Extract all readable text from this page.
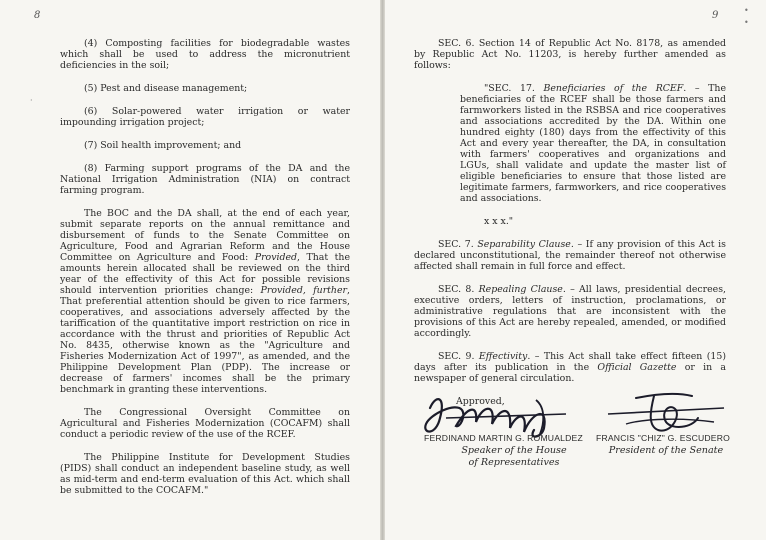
8	9	•
•
·

(4) Composting facilities for biodegradable wastes which shall be used to address the micronutrient deficiencies in the soil;

(5) Pest and disease management;

(6) Solar-powered water irrigation or water impounding irrigation project;

(7) Soil health improvement; and

(8) Farming support programs of the DA and the National Irrigation Administration (NIA) on contract farming program.

The BOC and the DA shall, at the end of each year, submit separate reports on the annual remittance and disbursement of funds to the Senate Committee on Agriculture, Food and Agrarian Reform and the House Committee on Agriculture and Food: Provided, That the amounts herein allocated shall be reviewed on the third year of the effectivity of this Act for possible revisions should intervention priorities change: Provided, further, That preferential attention should be given to rice farmers, cooperatives, and associations adversely affected by the tariffication of the quantitative import restriction on rice in accordance with the thrust and priorities of Republic Act No. 8435, otherwise known as the "Agriculture and Fisheries Modernization Act of 1997", as amended, and the Philippine Development Plan (PDP). The increase or decrease of farmers' incomes shall be the primary benchmark in granting these interventions.

The Congressional Oversight Committee on Agricultural and Fisheries Modernization (COCAFM) shall conduct a periodic review of the use of the RCEF.

The Philippine Institute for Development Studies (PIDS) shall conduct an independent baseline study, as well as mid-term and end-term evaluation of this Act. which shall be submitted to the COCAFM."

SEC. 6. Section 14 of Republic Act No. 8178, as amended by Republic Act No. 11203, is hereby further amended as follows:

"SEC. 17. Beneficiaries of the RCEF. – The beneficiaries of the RCEF shall be those farmers and farmworkers listed in the RSBSA and rice cooperatives and associations accredited by the DA. Within one hundred eighty (180) days from the effectivity of this Act and every year thereafter, the DA, in consultation with farmers' cooperatives and organizations and LGUs, shall validate and update the master list of eligible beneficiaries to ensure that those listed are legitimate farmers, farmworkers, and rice cooperatives and associations.

x x x."

SEC. 7. Separability Clause. – If any provision of this Act is declared unconstitutional, the remainder thereof not otherwise affected shall remain in full force and effect.

SEC. 8. Repealing Clause. – All laws, presidential decrees, executive orders, letters of instruction, proclamations, or administrative regulations that are inconsistent with the provisions of this Act are hereby repealed, amended, or modified accordingly.

SEC. 9. Effectivity. – This Act shall take effect fifteen (15) days after its publication in the Official Gazette or in a newspaper of general circulation.

Approved,

FERDINAND MARTIN G. ROMUALDEZ FRANCIS "CHIZ" G. ESCUDERO
Speaker of the House
of Representatives
President of the Senate
